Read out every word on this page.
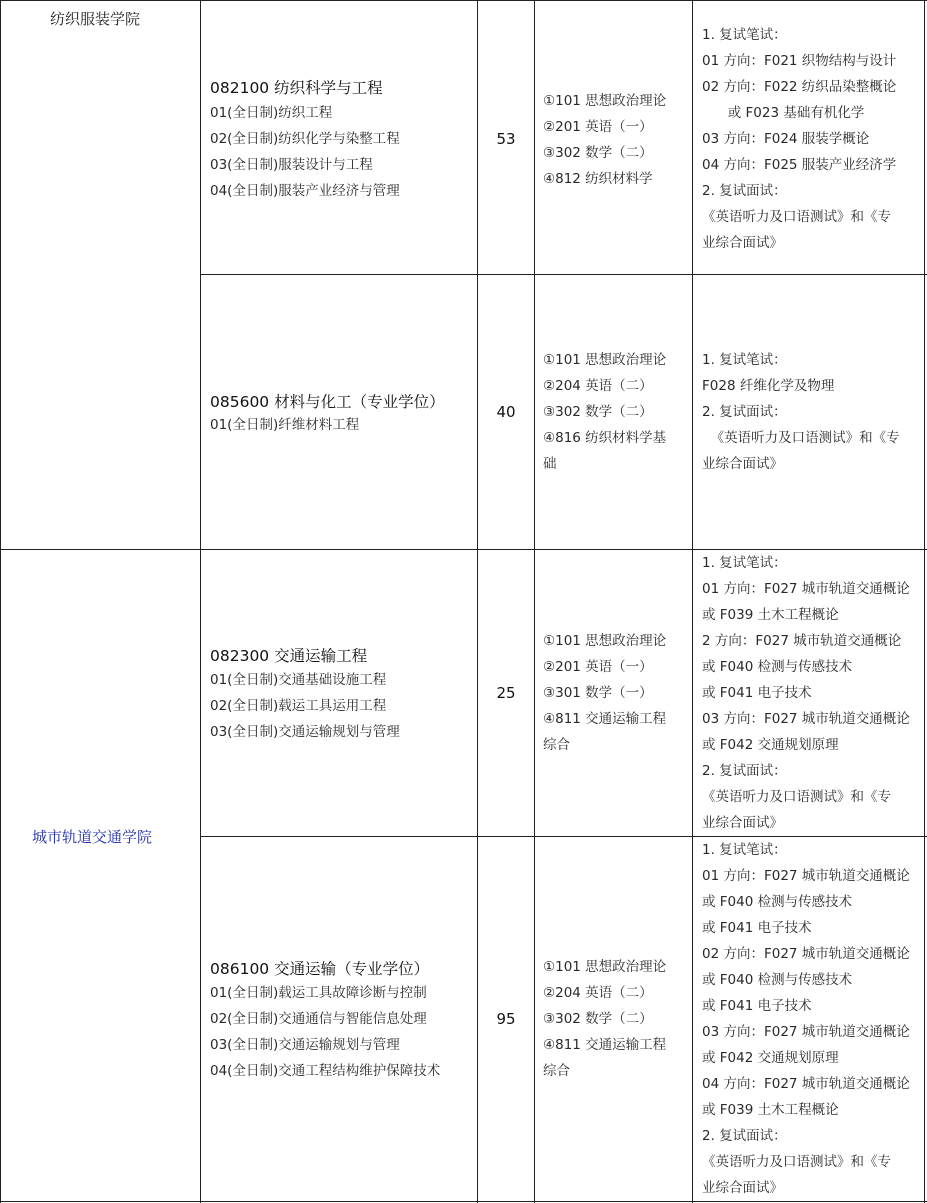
纺织服装学院
082100 纺织科学与工程
01(全日制)纺织工程
02(全日制)纺织化学与染整工程
03(全日制)服装设计与工程
04(全日制)服装产业经济与管理
53
①101 思想政治理论
②201 英语（一）
③302 数学（二）
④812 纺织材料学
1. 复试笔试：
01 方向：F021 织物结构与设计
02 方向：F022 纺织品染整概论
或 F023 基础有机化学
03 方向：F024 服装学概论
04 方向：F025 服装产业经济学
2. 复试面试：
《英语听力及口语测试》和《专
业综合面试》
085600 材料与化工（专业学位）
01(全日制)纤维材料工程
40
①101 思想政治理论
②204 英语（二）
③302 数学（二）
④816 纺织材料学基
础
1. 复试笔试：
F028 纤维化学及物理
2. 复试面试：
《英语听力及口语测试》和《专
业综合面试》
城市轨道交通学院
082300 交通运输工程
01(全日制)交通基础设施工程
02(全日制)载运工具运用工程
03(全日制)交通运输规划与管理
25
①101 思想政治理论
②201 英语（一）
③301 数学（一）
④811 交通运输工程
综合
1. 复试笔试：
01 方向：F027 城市轨道交通概论
或 F039 土木工程概论
2 方向：F027 城市轨道交通概论
或 F040 检测与传感技术
或 F041 电子技术
03 方向：F027 城市轨道交通概论
或 F042 交通规划原理
2. 复试面试：
《英语听力及口语测试》和《专
业综合面试》
086100 交通运输（专业学位）
01(全日制)载运工具故障诊断与控制
02(全日制)交通通信与智能信息处理
03(全日制)交通运输规划与管理
04(全日制)交通工程结构维护保障技术
95
①101 思想政治理论
②204 英语（二）
③302 数学（二）
④811 交通运输工程
综合
1. 复试笔试：
01 方向：F027 城市轨道交通概论
或 F040 检测与传感技术
或 F041 电子技术
02 方向：F027 城市轨道交通概论
或 F040 检测与传感技术
或 F041 电子技术
03 方向：F027 城市轨道交通概论
或 F042 交通规划原理
04 方向：F027 城市轨道交通概论
或 F039 土木工程概论
2. 复试面试：
《英语听力及口语测试》和《专
业综合面试》
